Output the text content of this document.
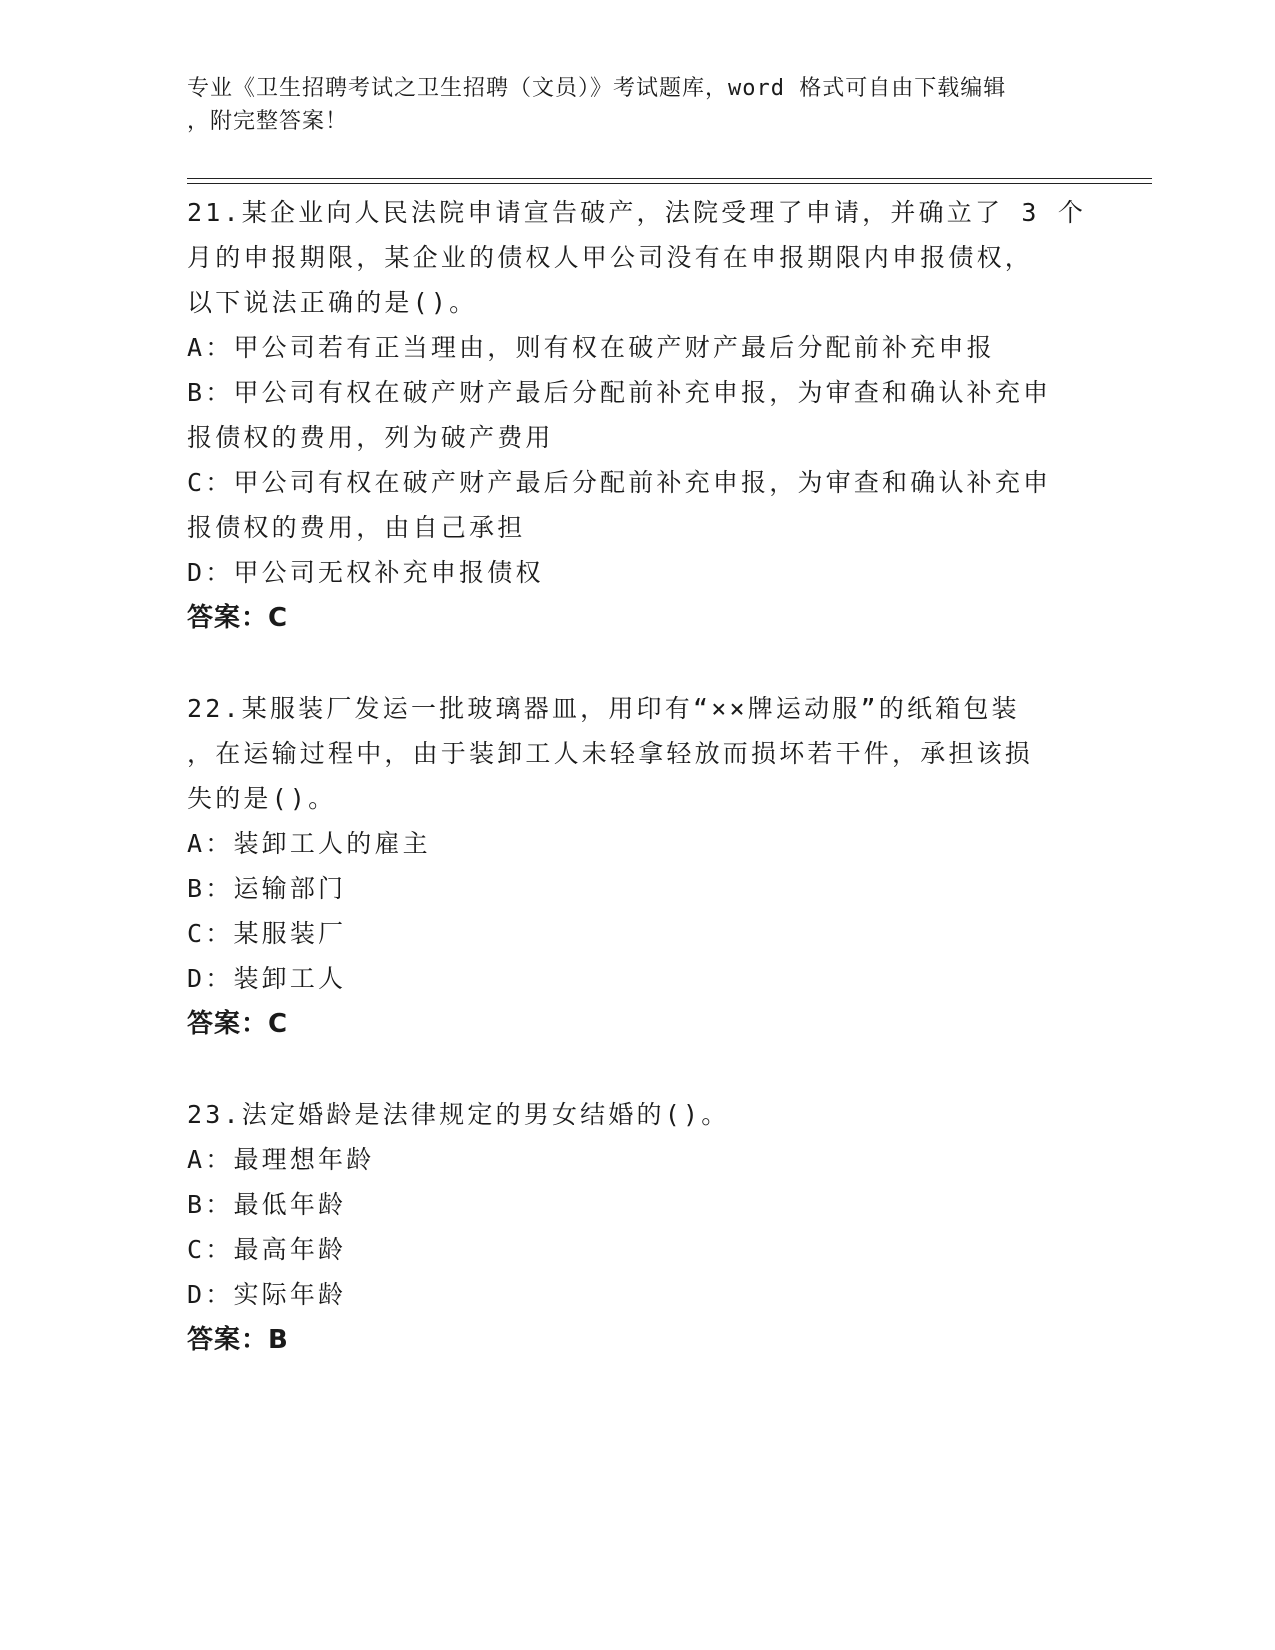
专业《卫生招聘考试之卫生招聘（文员）》考试题库，word 格式可自由下载编辑
，附完整答案！

21.某企业向人民法院申请宣告破产，法院受理了申请，并确立了 3 个

月的申报期限，某企业的债权人甲公司没有在申报期限内申报债权，

以下说法正确的是()。

A：甲公司若有正当理由，则有权在破产财产最后分配前补充申报

B：甲公司有权在破产财产最后分配前补充申报，为审查和确认补充申

报债权的费用，列为破产费用

C：甲公司有权在破产财产最后分配前补充申报，为审查和确认补充申

报债权的费用，由自己承担

D：甲公司无权补充申报债权

答案：C

22.某服装厂发运一批玻璃器皿，用印有“××牌运动服”的纸箱包装

，在运输过程中，由于装卸工人未轻拿轻放而损坏若干件，承担该损

失的是()。

A：装卸工人的雇主

B：运输部门

C：某服装厂

D：装卸工人

答案：C

23.法定婚龄是法律规定的男女结婚的()。

A：最理想年龄

B：最低年龄

C：最高年龄

D：实际年龄

答案：B
